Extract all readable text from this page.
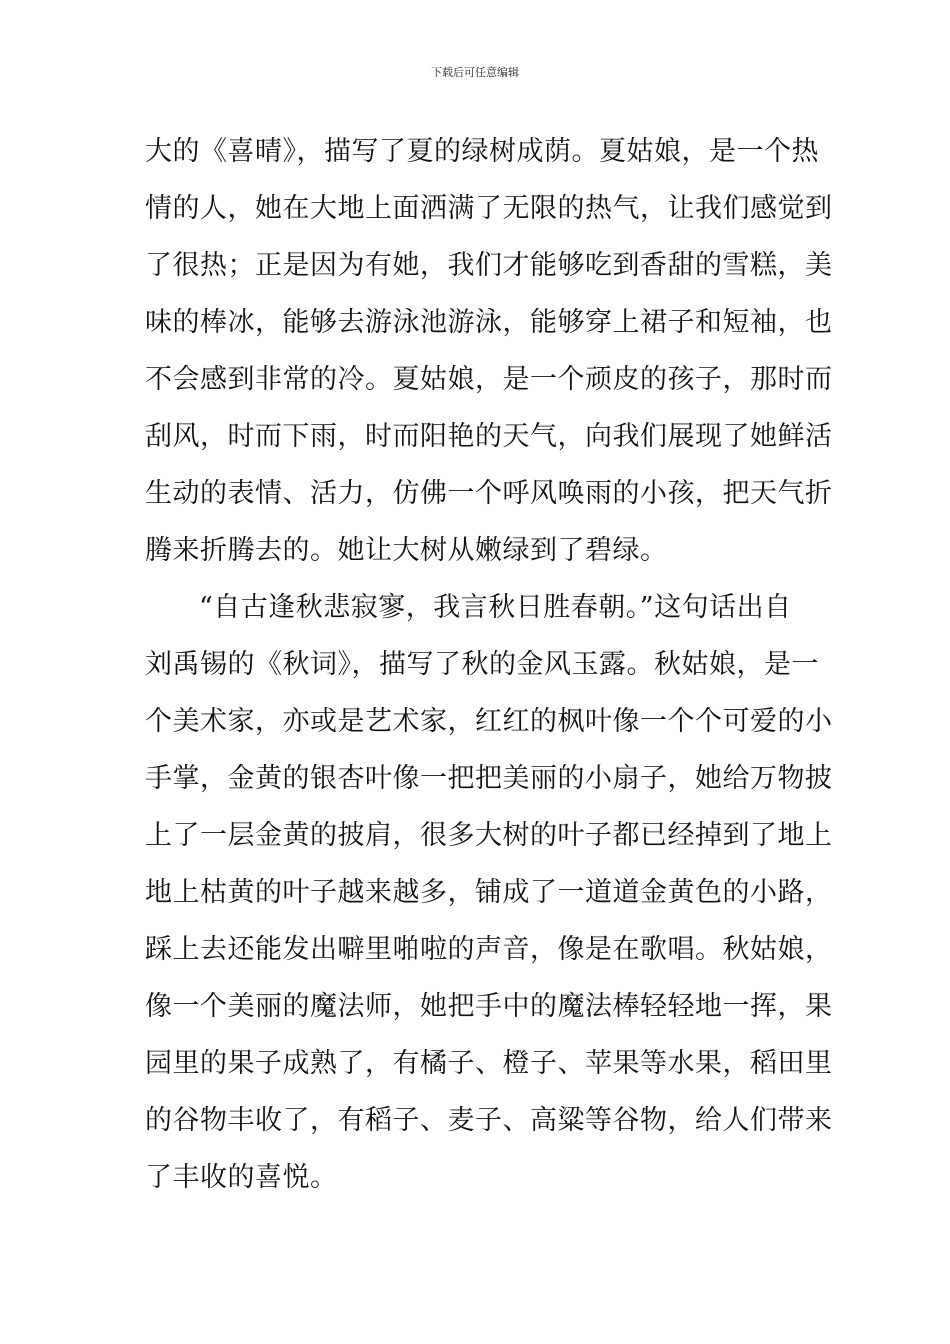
下载后可任意编辑
大的《喜晴》，描写了夏的绿树成荫。夏姑娘，是一个热
情的人，她在大地上面洒满了无限的热气，让我们感觉到
了很热；正是因为有她，我们才能够吃到香甜的雪糕，美
味的棒冰，能够去游泳池游泳，能够穿上裙子和短袖，也
不会感到非常的冷。夏姑娘，是一个顽皮的孩子，那时而
刮风，时而下雨，时而阳艳的天气，向我们展现了她鲜活
生动的表情、活力，仿佛一个呼风唤雨的小孩，把天气折
腾来折腾去的。她让大树从嫩绿到了碧绿。
“自古逢秋悲寂寥，我言秋日胜春朝。”这句话出自
刘禹锡的《秋词》，描写了秋的金风玉露。秋姑娘，是一
个美术家，亦或是艺术家，红红的枫叶像一个个可爱的小
手掌，金黄的银杏叶像一把把美丽的小扇子，她给万物披
上了一层金黄的披肩，很多大树的叶子都已经掉到了地上
地上枯黄的叶子越来越多，铺成了一道道金黄色的小路，
踩上去还能发出噼里啪啦的声音，像是在歌唱。秋姑娘，
像一个美丽的魔法师，她把手中的魔法棒轻轻地一挥，果
园里的果子成熟了，有橘子、橙子、苹果等水果，稻田里
的谷物丰收了，有稻子、麦子、高粱等谷物，给人们带来
了丰收的喜悦。
